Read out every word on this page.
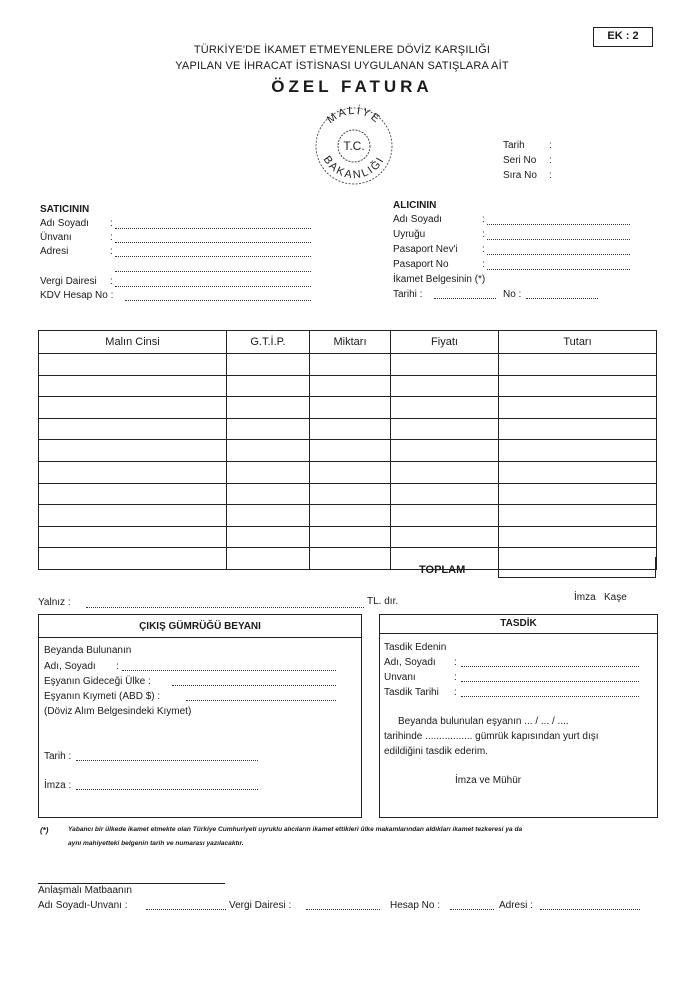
EK : 2
TÜRKİYE'DE İKAMET ETMEYENLERE DÖVİZ KARŞILIĞI
YAPILAN VE İHRACAT İSTİSNASI UYGULANAN SATIŞLARA AİT
ÖZEL FATURA
MALİYE
BAKANLIĞI
T.C.	Tarih :
Seri No :
Sıra No :
SATICININ
Adı Soyadı :
Ünvanı	:
Adresi	:
Vergi Dairesi :
KDV Hesap No :
ALICININ
Adı Soyadı	:
Uyruğu	:
Pasaport Nev'i :
Pasaport No	:
İkamet Belgesinin (*)
Tarihi :	No :
Malın Cinsi	G.T.İ.P.	Miktarı	Fiyatı	Tutarı

TOPLAM
Yalnız :	TL. dır.	İmza   Kaşe
ÇIKIŞ GÜMRÜĞÜ BEYANI
Beyanda Bulunanın
Adı, Soyadı :
Eşyanın Gideceği Ülke :
Eşyanın Kıymeti (ABD $) :
(Döviz Alım Belgesindeki Kıymet)
Tarih :
İmza :
TASDİK
Tasdik Edenin
Adı, Soyadı :
Unvanı	:
Tasdik Tarihi :
Beyanda bulunulan eşyanın ... / ... / ....
tarihinde ................. gümrük kapısından yurt dışı
edildiğini tasdik ederim.
İmza ve Mühür
(*)	Yabancı bir ülkede ikamet etmekte olan Türkiye Cumhuriyeti uyruklu alıcıların ikamet ettikleri ülke makamlarından aldıkları ikamet tezkeresi ya da
aynı mahiyetteki belgenin tarih ve numarası yazılacaktır.
Anlaşmalı Matbaanın
Adı Soyadı-Unvanı :	Vergi Dairesi :	Hesap No :	Adresi :
